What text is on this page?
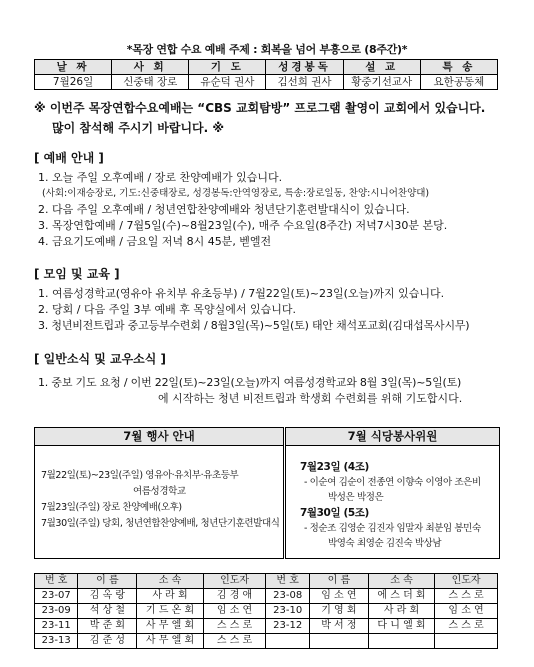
*목장 연합 수요 예배 주제 : 회복을 넘어 부흥으로 (8주간)*
날 짜	사 회	기 도	성경봉독	설 교	특 송
7월26일	신중태 장로	유순덕 권사	김선희 권사	황중기선교사	요한공동체
※ 이번주 목장연합수요예배는 “CBS 교회탐방” 프로그램 촬영이 교회에서 있습니다.
많이 참석해 주시기 바랍니다. ※
[ 예배 안내 ]
1. 오늘 주일 오후예배 / 장로 찬양예배가 있습니다.
(사회:이재승장로, 기도:신중태장로, 성경봉독:안역영장로, 특송:장로일동, 찬양:시니어찬양대)
2. 다음 주일 오후예배 / 청년연합찬양예배와 청년단기훈련발대식이 있습니다.
3. 목장연합예배 / 7월5일(수)~8월23일(수), 매주 수요일(8주간) 저녁7시30분 본당.
4. 금요기도예배 / 금요일 저녁 8시 45분, 벧엘전
[ 모임 및 교육 ]
1. 여름성경학교(영유아 유치부 유초등부) / 7월22일(토)~23일(오늘)까지 있습니다.
2. 당회 / 다음 주일 3부 예배 후 목양실에서 있습니다.
3. 청년비전트립과 중고등부수련회 / 8월3일(목)~5일(토) 태안 채석포교회(김대섭목사시무)
[ 일반소식 및 교우소식 ]
1. 중보 기도 요청 / 이번 22일(토)~23일(오늘)까지 여름성경학교와 8월 3일(목)~5일(토)
에 시작하는 청년 비전트립과 학생회 수련회를 위해 기도합시다.
7월 행사 안내
7월22일(토)~23일(주일) 영유아·유치부·유초등부
여름성경학교
7월23일(주일) 장로 찬양예배(오후)
7월30일(주일) 당회, 청년연합찬양예배, 청년단기훈련발대식
7월 식당봉사위원
7월23일 (4조)
- 이순여 김순이 전종연 이향숙 이영아 조은비
박성은 박정은
7월30일 (5조)
- 정순조 김영순 김진자 임말자 최분임 봉민숙
박영숙 최영순 김진숙 박상남
번 호	이 름	소 속	인도자	번 호	이 름	소 속	인도자
23-07	김 옥 랑	사 라 회	김 경 애	23-08	임 소 연	에 스 더 회	스 스 로
23-09	석 상 철	기 드 온 회	임 소 연	23-10	기 영 회	사 라 회	임 소 연
23-11	박 준 회	사 무 엘 회	스 스 로	23-12	박 서 정	다 니 엘 회	스 스 로
23-13	김 준 성	사 무 엘 회	스 스 로				
